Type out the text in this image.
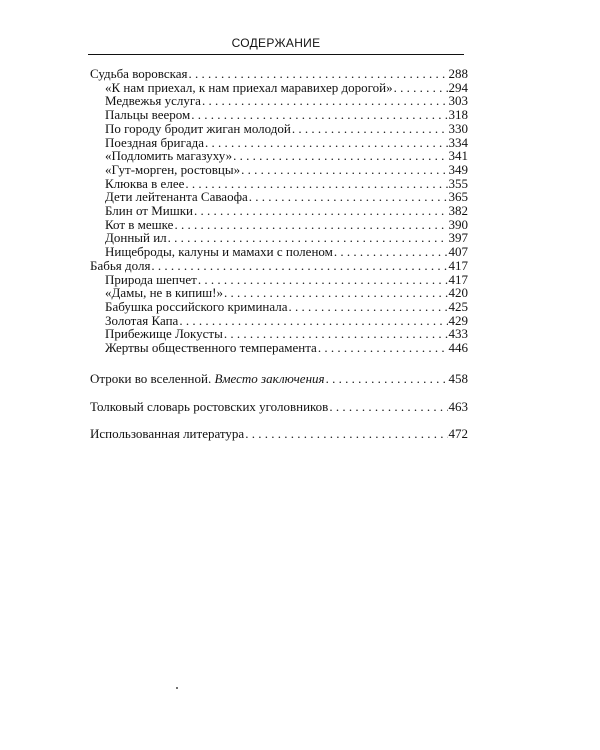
СОДЕРЖАНИЕ
Судьба воровская . . .	288
«К нам приехал, к нам приехал маравихер дорогой» . . .	294
Медвежья услуга . . .	303
Пальцы веером . . .	318
По городу бродит жиган молодой . . .	330
Поездная бригада . . .	334
«Подломить магазуху» . . .	341
«Гут-морген, ростовцы» . . .	349
Клюква в елее . . .	355
Дети лейтенанта Саваофа . . .	365
Блин от Мишки . . .	382
Кот в мешке . . .	390
Донный ил . . .	397
Нищеброды, калуны и мамахи с поленом . . .	407
Бабья доля . . .	417
Природа шепчет . . .	417
«Дамы, не в кипиш!» . . .	420
Бабушка российского криминала . . .	425
Золотая Капа . . .	429
Прибежище Локусты . . .	433
Жертвы общественного темперамента . . .	446
Отроки во вселенной. Вместо заключения . . .	458
Толковый словарь ростовских уголовников . . .	463
Использованная литература . . .	472
